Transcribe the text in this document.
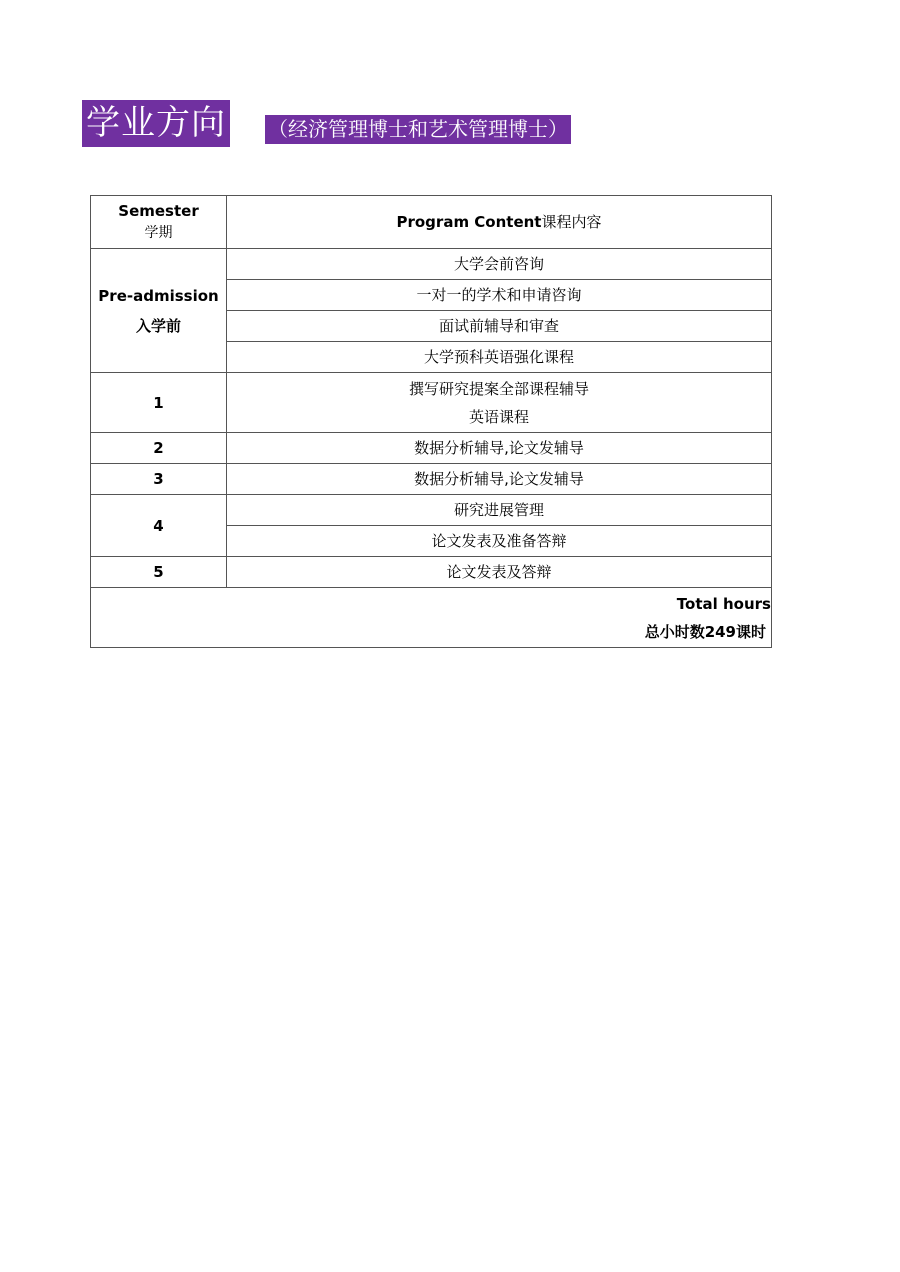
学业方向 （经济管理博士和艺术管理博士）
Semester
学期	Program Content课程内容

Pre-admission
入学前	大学会前咨询
	一对一的学术和申请咨询
	面试前辅导和审查
	大学预科英语强化课程
1	撰写研究提案全部课程辅导
英语课程

2	数据分析辅导,论文发辅导
3	数据分析辅导,论文发辅导
4	研究进展管理
	论文发表及准备答辩
5	论文发表及答辩

Total hours
总小时数249课时	
